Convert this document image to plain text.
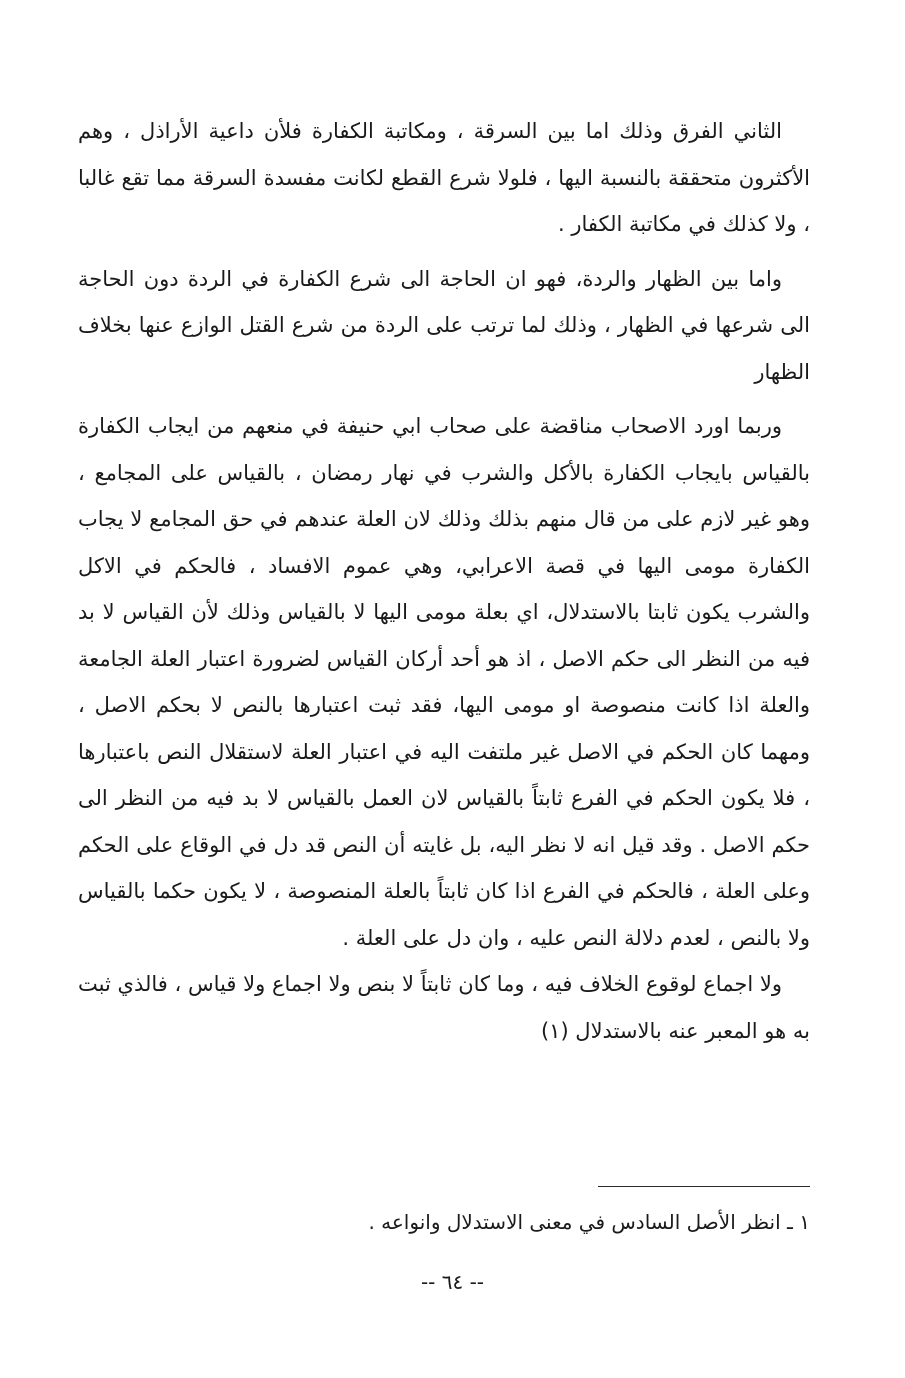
الثاني الفرق وذلك اما بين السرقة ، ومكاتبة الكفارة فلأن داعية الأراذل ، وهم الأكثرون متحققة بالنسبة اليها ، فلولا شرع القطع لكانت مفسدة السرقة مما تقع غالبا ، ولا كذلك في مكاتبة الكفار .

واما بين الظهار والردة، فهو ان الحاجة الى شرع الكفارة في الردة دون الحاجة الى شرعها في الظهار ، وذلك لما ترتب على الردة من شرع القتل الوازع عنها بخلاف الظهار

وربما اورد الاصحاب مناقضة على صحاب ابي حنيفة في منعهم من ايجاب الكفارة بالقياس بايجاب الكفارة بالأكل والشرب في نهار رمضان ، بالقياس على المجامع ، وهو غير لازم على من قال منهم بذلك وذلك لان العلة عندهم في حق المجامع لا يجاب الكفارة مومى اليها في قصة الاعرابي، وهي عموم الافساد ، فالحكم في الاكل والشرب يكون ثابتا بالاستدلال، اي بعلة مومى اليها لا بالقياس وذلك لأن القياس لا بد فيه من النظر الى حكم الاصل ، اذ هو أحد أركان القياس لضرورة اعتبار العلة الجامعة والعلة اذا كانت منصوصة او مومى اليها، فقد ثبت اعتبارها بالنص لا بحكم الاصل ، ومهما كان الحكم في الاصل غير ملتفت اليه في اعتبار العلة لاستقلال النص باعتبارها ، فلا يكون الحكم في الفرع ثابتاً بالقياس لان العمل بالقياس لا بد فيه من النظر الى حكم الاصل . وقد قيل انه لا نظر اليه، بل غايته أن النص قد دل في الوقاع على الحكم وعلى العلة ، فالحكم في الفرع اذا كان ثابتاً بالعلة المنصوصة ، لا يكون حكما بالقياس ولا بالنص ، لعدم دلالة النص عليه ، وان دل على العلة .

ولا اجماع لوقوع الخلاف فيه ، وما كان ثابتاً لا بنص ولا اجماع ولا قياس ، فالذي ثبت به هو المعبر عنه بالاستدلال (١)

١ ـ انظر الأصل السادس في معنى الاستدلال وانواعه .

-- ٦٤ --
